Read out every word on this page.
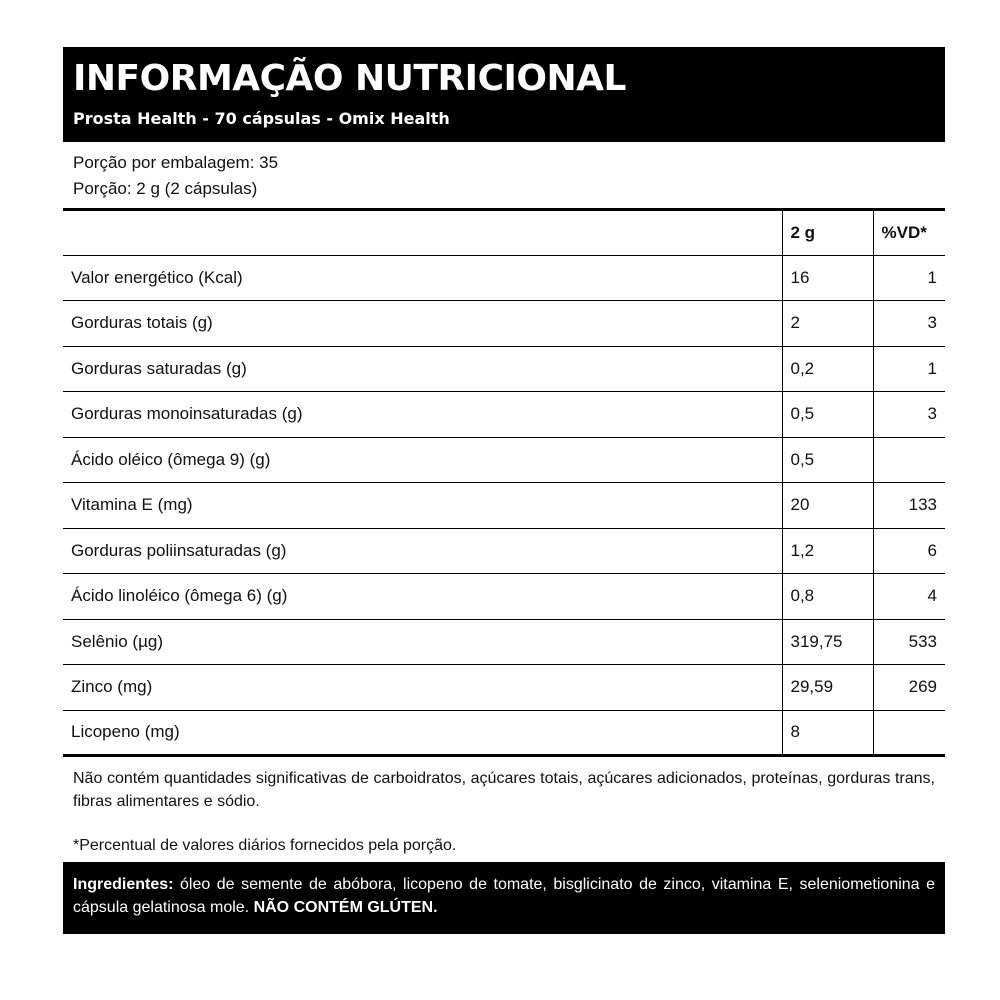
INFORMAÇÃO NUTRICIONAL
Prosta Health - 70 cápsulas - Omix Health
Porção por embalagem: 35
Porção: 2 g (2 cápsulas)
	2 g	%VD*
Valor energético (Kcal)	16	1
Gorduras totais (g)	2	3
Gorduras saturadas (g)	0,2	1
Gorduras monoinsaturadas (g)	0,5	3
Ácido oléico (ômega 9) (g)	0,5	
Vitamina E (mg)	20	133
Gorduras poliinsaturadas (g)	1,2	6
Ácido linoléico (ômega 6) (g)	0,8	4
Selênio (µg)	319,75	533
Zinco (mg)	29,59	269
Licopeno (mg)	8	

Não contém quantidades significativas de carboidratos, açúcares totais, açúcares adicionados, proteínas, gorduras trans, fibras alimentares e sódio.

*Percentual de valores diários fornecidos pela porção.

Ingredientes: óleo de semente de abóbora, licopeno de tomate, bisglicinato de zinco, vitamina E, seleniometionina e cápsula gelatinosa mole. NÃO CONTÉM GLÚTEN.
